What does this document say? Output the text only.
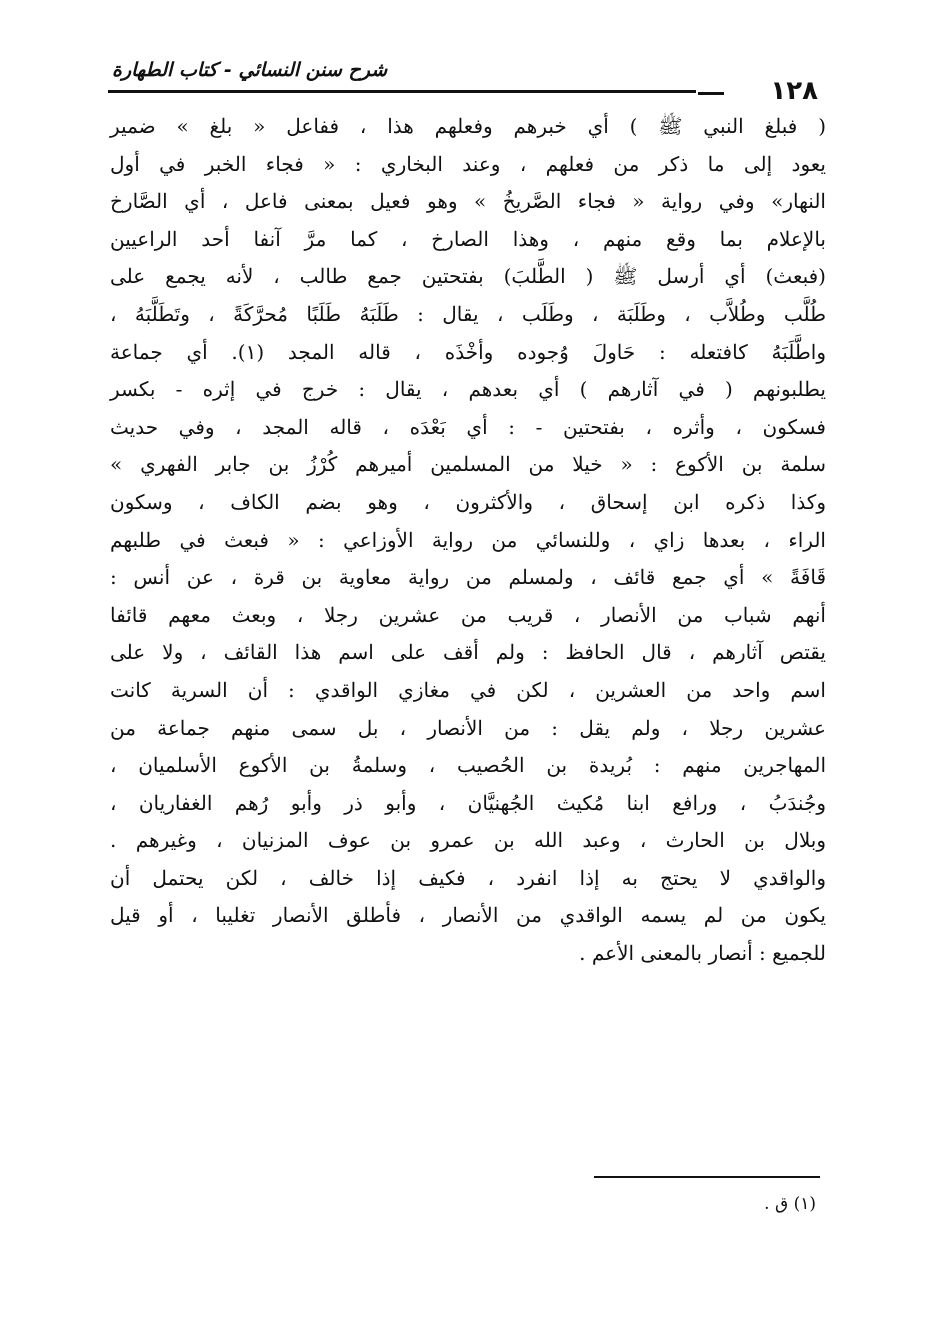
١٢٨
شرح سنن النسائي - كتاب الطهارة

( فبلغ النبي ﷺ ) أي خبرهم وفعلهم هذا ، ففاعل « بلغ » ضمير

يعود إلى ما ذكر من فعلهم ، وعند البخاري : « فجاء الخبر في أول

النهار» وفي رواية « فجاء الصَّريخُ » وهو فعيل بمعنى فاعل ، أي الصَّارخ

بالإعلام بما وقع منهم ، وهذا الصارخ ، كما مرَّ آنفا أحد الراعيين

(فبعث) أي أرسل ﷺ ( الطَّلبَ) بفتحتين جمع طالب ، لأنه يجمع على

طُلَّب وطُلاَّب ، وطَلَبَة ، وطَلَب ، يقال : طَلَبَهُ طَلَبًا مُحرَّكَةً ، وتَطَلَّبَهُ ،

واطَّلَبَهُ كافتعله : حَاولَ وُجوده وأخْذَه ، قاله المجد (١). أي جماعة

يطلبونهم ( في آثارهم ) أي بعدهم ، يقال : خرج في إثره - بكسر

فسكون ، وأثره ، بفتحتين - : أي بَعْدَه ، قاله المجد ، وفي حديث

سلمة بن الأكوع : « خيلا من المسلمين أميرهم كُرْزُ بن جابر الفهري »

وكذا ذكره ابن إسحاق ، والأكثرون ، وهو بضم الكاف ، وسكون

الراء ، بعدها زاي ، وللنسائي من رواية الأوزاعي : « فبعث في طلبهم

قَافَةً » أي جمع قائف ، ولمسلم من رواية معاوية بن قرة ، عن أنس :

أنهم شباب من الأنصار ، قريب من عشرين رجلا ، وبعث معهم قائفا

يقتص آثارهم ، قال الحافظ : ولم أقف على اسم هذا القائف ، ولا على

اسم واحد من العشرين ، لكن في مغازي الواقدي : أن السرية كانت

عشرين رجلا ، ولم يقل : من الأنصار ، بل سمى منهم جماعة من

المهاجرين منهم : بُريدة بن الحُصيب ، وسلمةُ بن الأكوع الأسلميان ،

وجُندَبُ ، ورافع ابنا مُكيث الجُهنيَّان ، وأبو ذر وأبو رُهم الغفاريان ،

وبلال بن الحارث ، وعبد الله بن عمرو بن عوف المزنيان ، وغيرهم .

والواقدي لا يحتج به إذا انفرد ، فكيف إذا خالف ، لكن يحتمل أن

يكون من لم يسمه الواقدي من الأنصار ، فأطلق الأنصار تغليبا ، أو قيل

للجميع : أنصار بالمعنى الأعم .

(١) ق .
